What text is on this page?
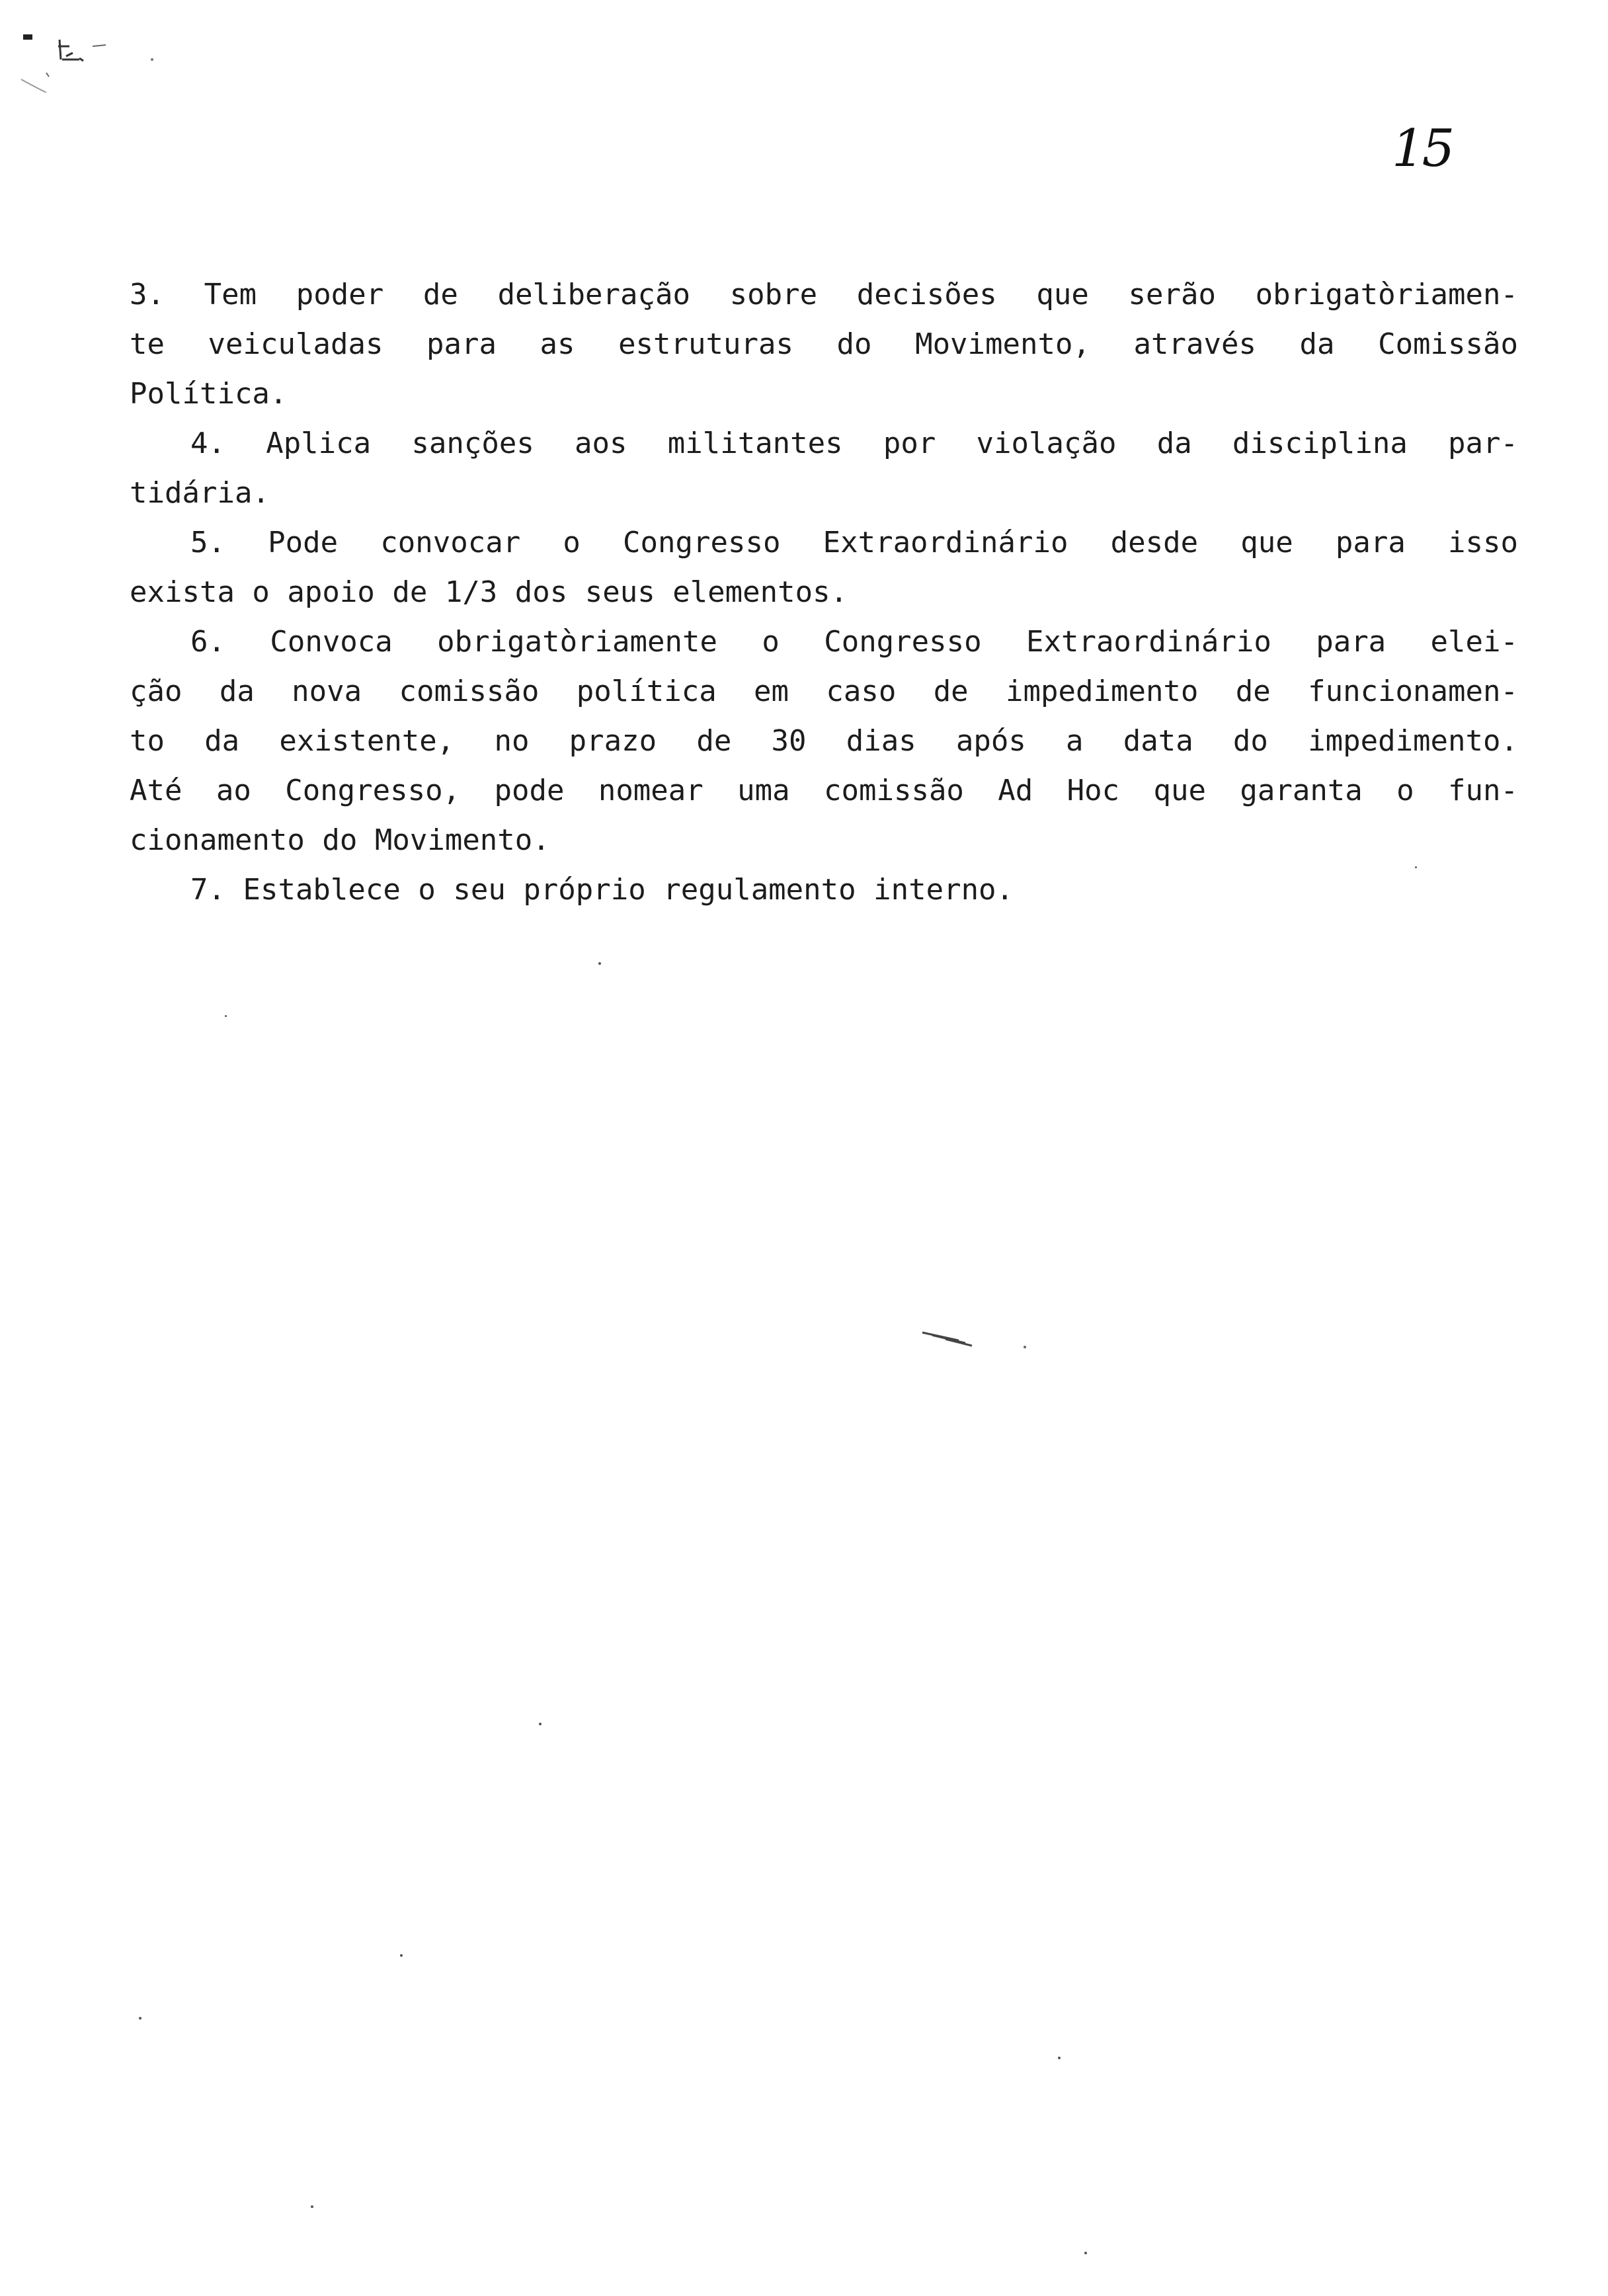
15
3. Tem poder de deliberação sobre decisões que serão obrigatòriamen-
te veiculadas para as estruturas do Movimento, através da Comissão
Política.
4. Aplica sanções aos militantes por violação da disciplina par-
tidária.
5. Pode convocar o Congresso Extraordinário desde que para isso
exista o apoio de 1/3 dos seus elementos.
6. Convoca obrigatòriamente o Congresso Extraordinário para elei-
ção da nova comissão política em caso de impedimento de funcionamen-
to da existente, no prazo de 30 dias após a data do impedimento.
Até ao Congresso, pode nomear uma comissão Ad Hoc que garanta o fun-
cionamento do Movimento.
7. Establece o seu próprio regulamento interno.
